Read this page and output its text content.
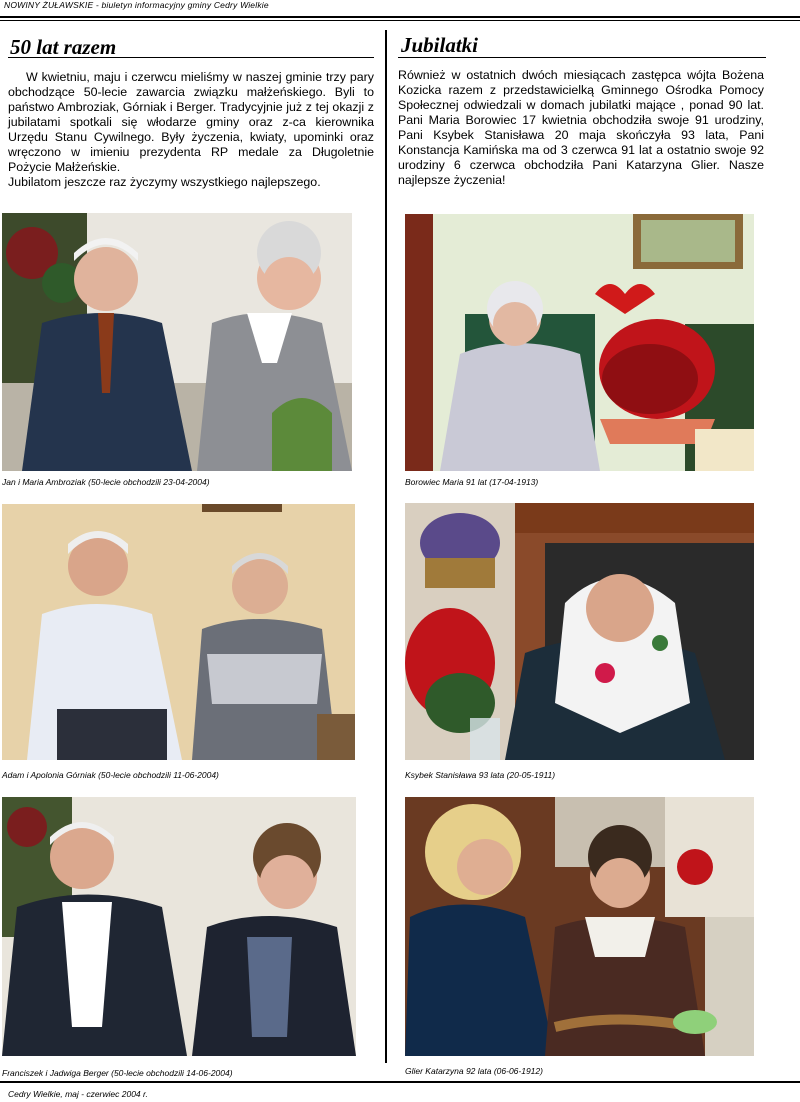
NOWINY ŻUŁAWSKIE - biuletyn informacyjny gminy Cedry Wielkie
50 lat razem

W kwietniu, maju i czerwcu mieliśmy w naszej gminie trzy pary obchodzące 50-lecie zawarcia związku małżeńskiego. Byli to państwo Ambroziak, Górniak i Berger. Tradycyjnie już z tej okazji z jubilatami spotkali się włodarze gminy oraz z-ca kierownika Urzędu Stanu Cywilnego. Były życzenia, kwiaty, upominki oraz wręczono w imieniu prezydenta RP medale za Długoletnie Pożycie Małżeńskie.

Jubilatom jeszcze raz życzymy wszystkiego najlepszego.

Jan i Maria Ambroziak (50-lecie obchodzili 23-04-2004)
Adam i Apolonia Górniak (50-lecie obchodzili 11-06-2004)
Franciszek i Jadwiga Berger (50-lecie obchodzili 14-06-2004)
Jubilatki

Również w ostatnich dwóch miesiącach zastępca wójta Bożena Kozicka razem z przedstawicielką Gminnego Ośrodka Pomocy Społecznej odwiedzali w domach jubilatki mające , ponad 90 lat. Pani Maria Borowiec 17 kwietnia obchodziła swoje 91 urodziny, Pani Ksybek Stanisława 20 maja skończyła 93 lata, Pani Konstancja Kamińska ma od 3 czerwca 91 lat a ostatnio swoje 92 urodziny 6 czerwca obchodziła Pani Katarzyna Glier. Nasze najlepsze życzenia!

Borowiec Maria 91 lat (17-04-1913)
Ksybek Stanisława 93 lata (20-05-1911)
Glier Katarzyna 92 lata (06-06-1912)
Cedry Wielkie, maj - czerwiec 2004 r.
